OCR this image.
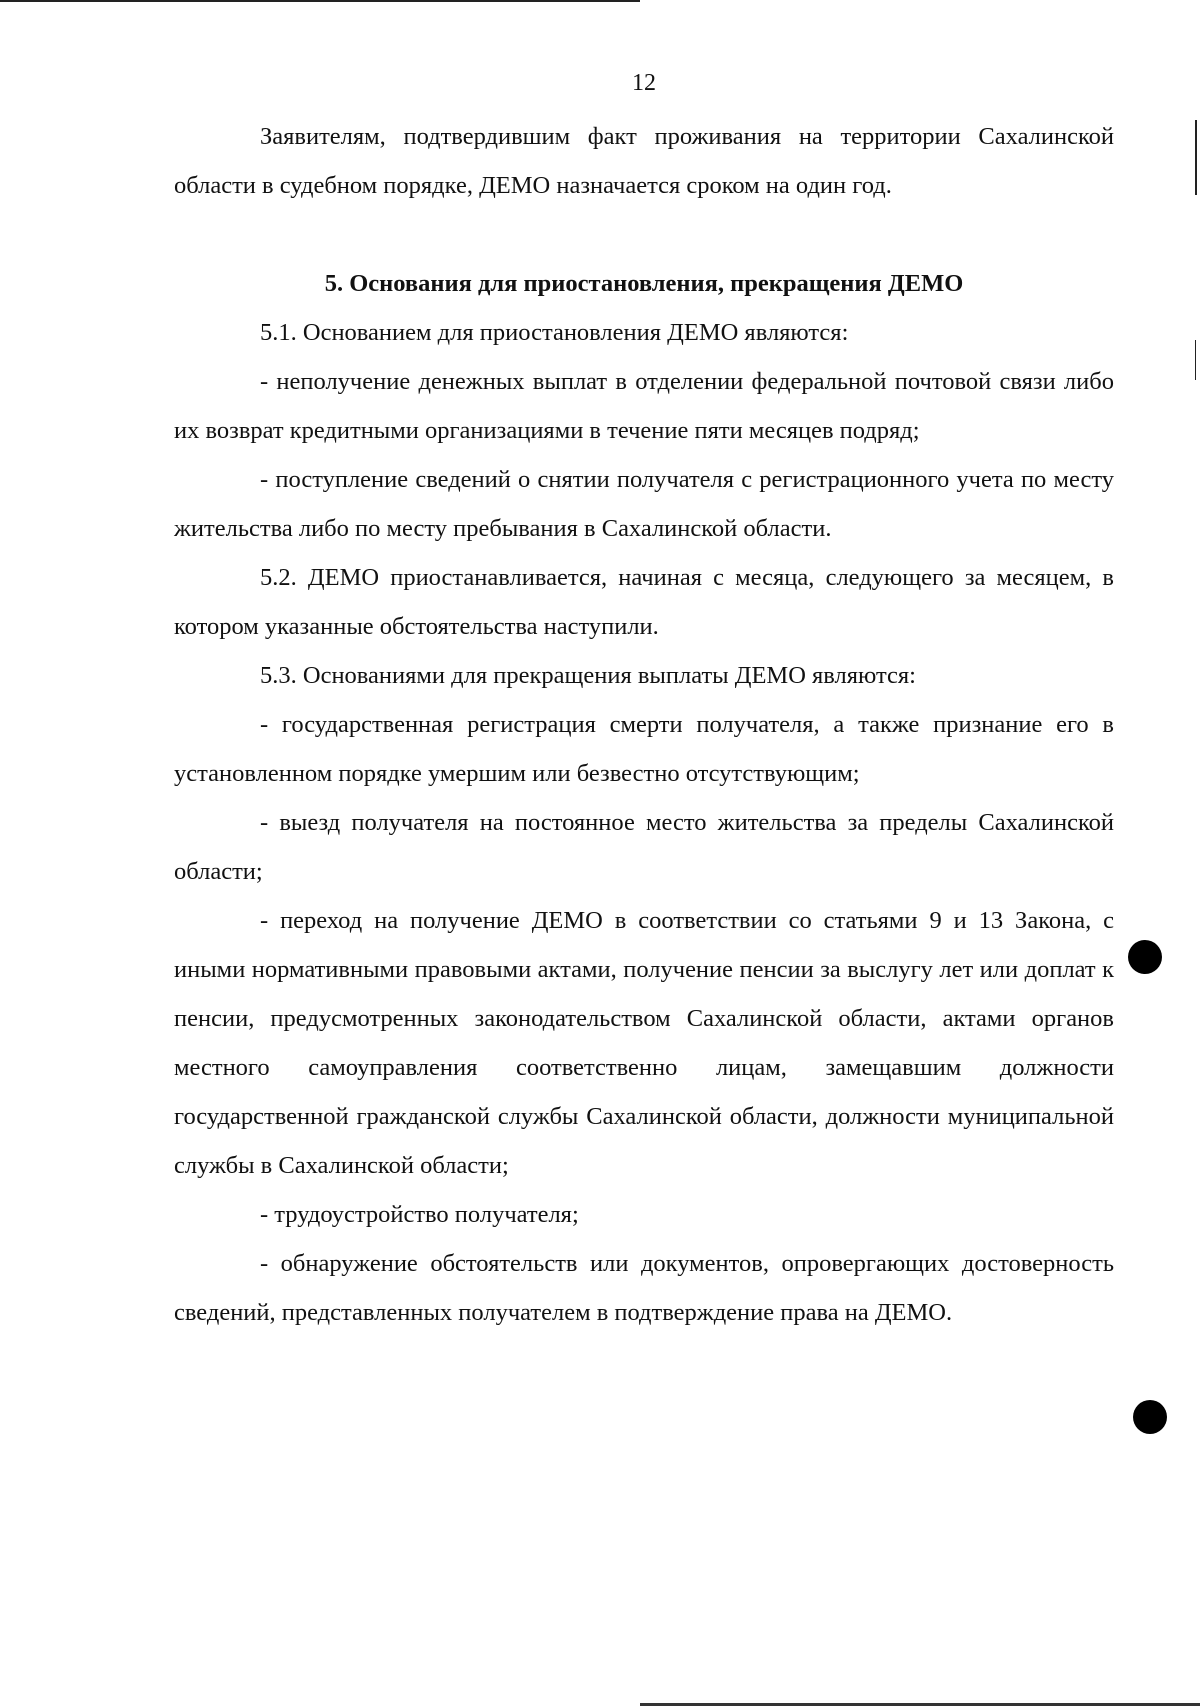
12

Заявителям, подтвердившим факт проживания на территории Сахалинской области в судебном порядке, ДЕМО назначается сроком на один год.

5. Основания для приостановления, прекращения ДЕМО

5.1. Основанием для приостановления ДЕМО являются:

- неполучение денежных выплат в отделении федеральной почтовой связи либо их возврат кредитными организациями в течение пяти месяцев подряд;

- поступление сведений о снятии получателя с регистрационного учета по месту жительства либо по месту пребывания в Сахалинской области.

5.2. ДЕМО приостанавливается, начиная с месяца, следующего за месяцем, в котором указанные обстоятельства наступили.

5.3. Основаниями для прекращения выплаты ДЕМО являются:

- государственная регистрация смерти получателя, а также признание его в установленном порядке умершим или безвестно отсутствующим;

- выезд получателя на постоянное место жительства за пределы Сахалинской области;

- переход на получение ДЕМО в соответствии со статьями 9 и 13 Закона, с иными нормативными правовыми актами, получение пенсии за выслугу лет или доплат к пенсии, предусмотренных законодательством Сахалинской области, актами органов местного самоуправления соответственно лицам, замещавшим должности государственной гражданской службы Сахалинской области, должности муниципальной службы в Сахалинской области;

- трудоустройство получателя;

- обнаружение обстоятельств или документов, опровергающих достоверность сведений, представленных получателем в подтверждение права на ДЕМО.
